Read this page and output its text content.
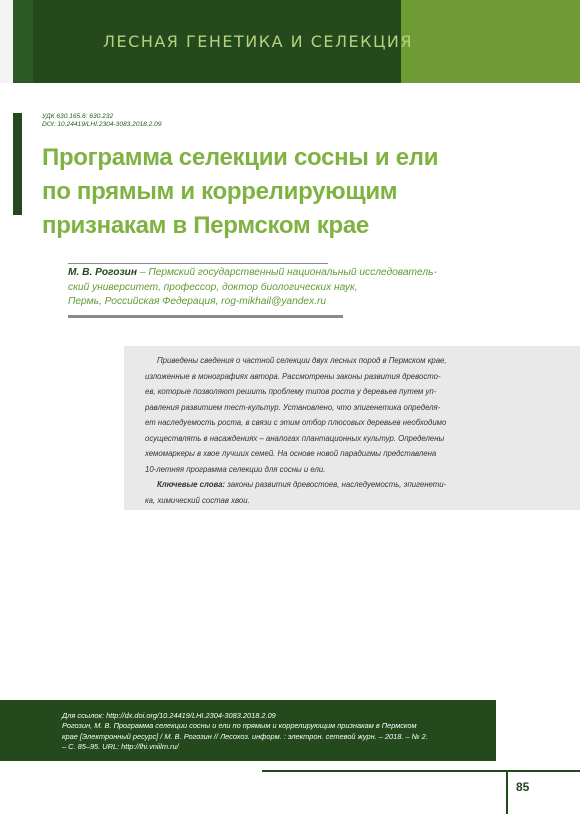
ЛЕСНАЯ ГЕНЕТИКА И СЕЛЕКЦИЯ
УДК 630.165.6: 630.232
DOI: 10.24419/LHI.2304-3083.2018.2.09
Программа селекции сосны и ели
по прямым и коррелирующим
признакам в Пермском крае
М. В. Рогозин – Пермский государственный национальный исследователь-
ский университет, профессор, доктор биологических наук,
Пермь, Российская Федерация, rog-mikhail@yandex.ru
Приведены сведения о частной селекции двух лесных пород в Пермском крае,
изложенные в монографиях автора. Рассмотрены законы развития древосто-
ев, которые позволяют решить проблему типов роста у деревьев путем уп-
равления развитием тест-культур. Установлено, что эпигенетика определя-
ет наследуемость роста, в связи с этим отбор плюсовых деревьев необходимо
осуществлять в насаждениях – аналогах плантационных культур. Определены
хемомаркеры в хвое лучших семей. На основе новой парадигмы представлена
10-летняя программа селекции для сосны и ели.
Ключевые слова: законы развития древостоев, наследуемость, эпигенети-
ка, химический состав хвои.
Для ссылок: http://dx.doi.org/10.24419/LHI.2304-3083.2018.2.09
Рогозин, М. В. Программа селекции сосны и ели по прямым и коррелирующим признакам в Пермском
крае [Электронный ресурс] / М. В. Рогозин // Лесохоз. информ. : электрон. сетевой журн. – 2018. – № 2.
– С. 85–95. URL: http://lhi.vniilm.ru/
85
